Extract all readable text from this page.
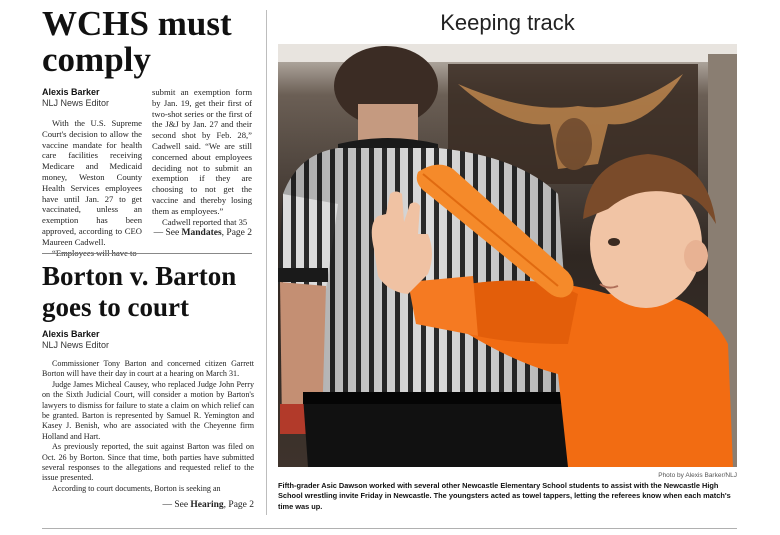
WCHS must comply
Alexis Barker
NLJ News Editor

With the U.S. Supreme Court's decision to allow the vaccine mandate for health care facilities receiving Medicare and Medicaid money, Weston County Health Services employees have until Jan. 27 to get vaccinated, unless an exemption has been approved, according to CEO Maureen Cadwell.

submit an exemption form by Jan. 19, get their first of two-shot series or the first of the J&J by Jan. 27 and their second shot by Feb. 28,” Cadwell said. “We are still concerned about employees deciding not to submit an exemption if they are choosing to not get the vaccine and thereby losing them as employees.”

Cadwell reported that 35

— See Mandates, Page 2
Borton v. Barton goes to court
Alexis Barker
NLJ News Editor

Commissioner Tony Barton and concerned citizen Garrett Borton will have their day in court at a hearing on March 31.

Judge James Micheal Causey, who replaced Judge John Perry on the Sixth Judicial Court, will consider a motion by Barton's lawyers to dismiss for failure to state a claim on which relief can be granted. Barton is represented by Samuel R. Yemington and Kasey J. Benish, who are associated with the Cheyenne firm Holland and Hart.

As previously reported, the suit against Barton was filed on Oct. 26 by Borton. Since that time, both parties have submitted several responses to the allegations and requested relief to the issue presented.

According to court documents, Borton is seeking an

— See Hearing, Page 2
Keeping track
Photo by Alexis Barker/NLJ
Fifth-grader Asic Dawson worked with several other Newcastle Elementary School students to assist with the Newcastle High School wrestling invite Friday in Newcastle. The youngsters acted as towel tappers, letting the referees know when each match's time was up.
